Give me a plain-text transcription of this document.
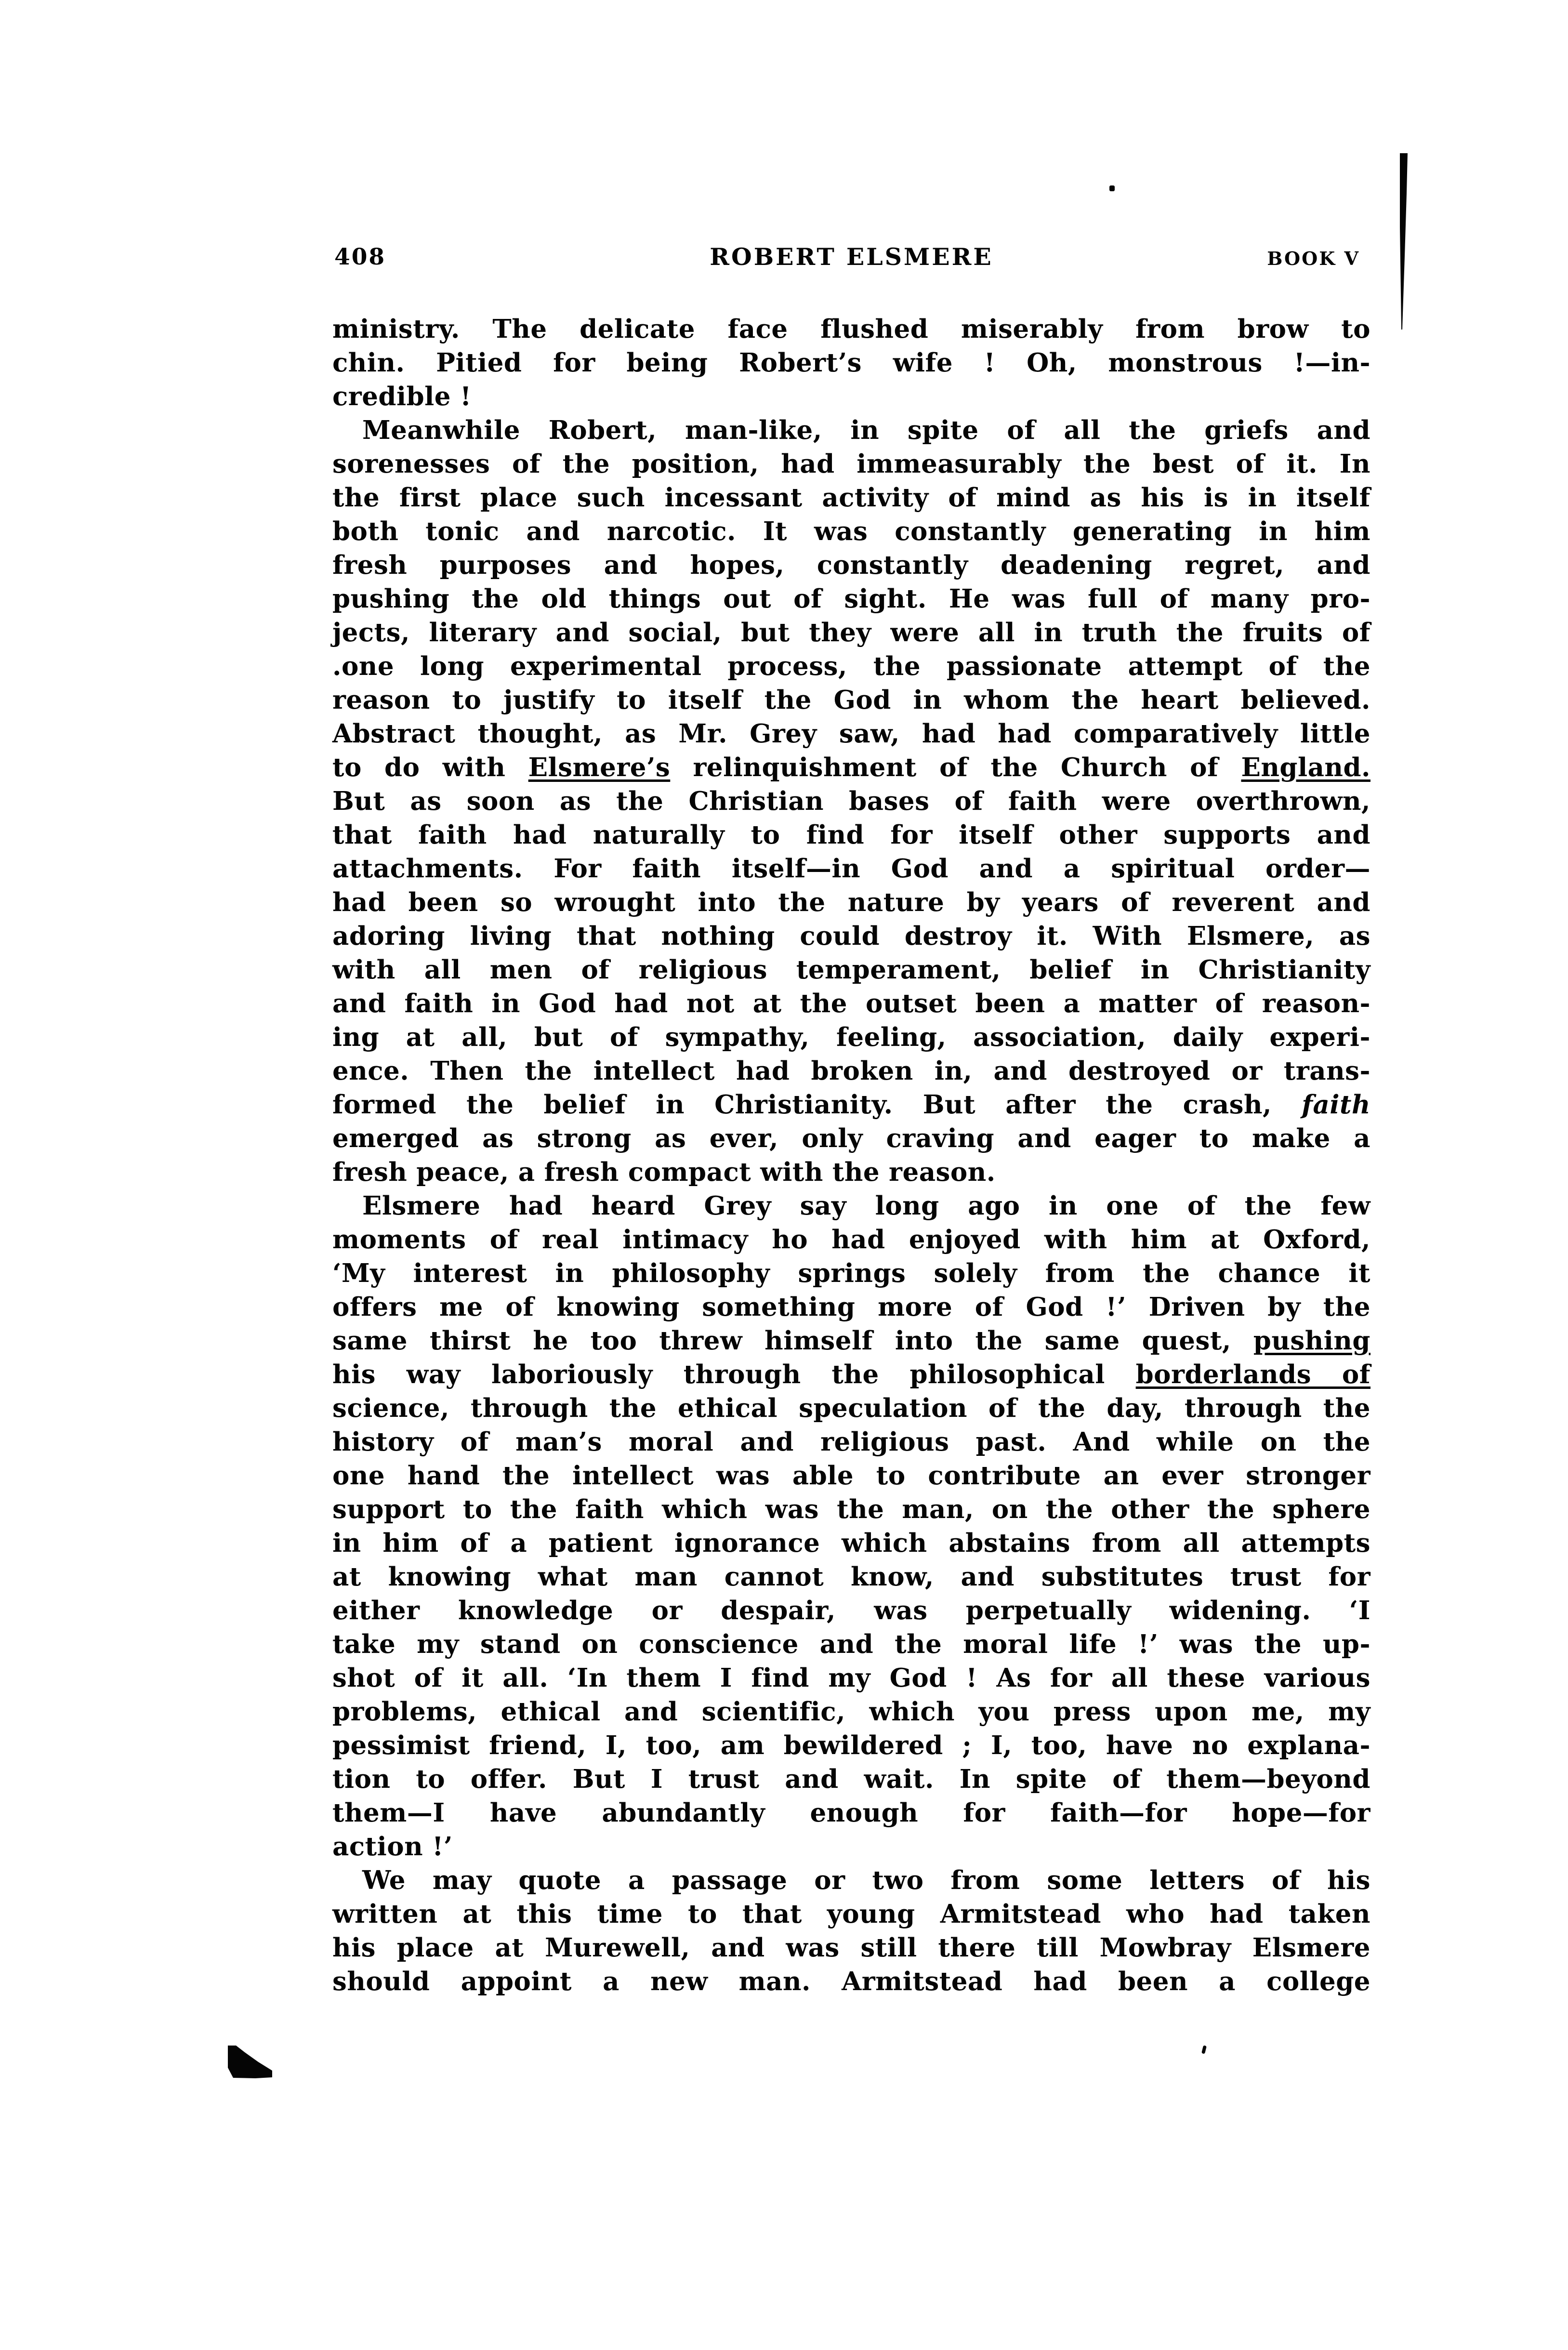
408	ROBERT ELSMERE	BOOK V
ministry. The delicate face flushed miserably from brow to
chin. Pitied for being Robert’s wife ! Oh, monstrous !—in-
credible !
Meanwhile Robert, man-like, in spite of all the griefs and
sorenesses of the position, had immeasurably the best of it. In
the first place such incessant activity of mind as his is in itself
both tonic and narcotic. It was constantly generating in him
fresh purposes and hopes, constantly deadening regret, and
pushing the old things out of sight. He was full of many pro-
jects, literary and social, but they were all in truth the fruits of
.one long experimental process, the passionate attempt of the
reason to justify to itself the God in whom the heart believed.
Abstract thought, as Mr. Grey saw, had had comparatively little
to do with Elsmere’s relinquishment of the Church of England.
But as soon as the Christian bases of faith were overthrown,
that faith had naturally to find for itself other supports and
attachments. For faith itself—in God and a spiritual order—
had been so wrought into the nature by years of reverent and
adoring living that nothing could destroy it. With Elsmere, as
with all men of religious temperament, belief in Christianity
and faith in God had not at the outset been a matter of reason-
ing at all, but of sympathy, feeling, association, daily experi-
ence. Then the intellect had broken in, and destroyed or trans-
formed the belief in Christianity. But after the crash, faith
emerged as strong as ever, only craving and eager to make a
fresh peace, a fresh compact with the reason.
Elsmere had heard Grey say long ago in one of the few
moments of real intimacy ho had enjoyed with him at Oxford,
‘My interest in philosophy springs solely from the chance it
offers me of knowing something more of God !’ Driven by the
same thirst he too threw himself into the same quest, pushing
his way laboriously through the philosophical borderlands of
science, through the ethical speculation of the day, through the
history of man’s moral and religious past. And while on the
one hand the intellect was able to contribute an ever stronger
support to the faith which was the man, on the other the sphere
in him of a patient ignorance which abstains from all attempts
at knowing what man cannot know, and substitutes trust for
either knowledge or despair, was perpetually widening. ‘I
take my stand on conscience and the moral life !’ was the up-
shot of it all. ‘In them I find my God ! As for all these various
problems, ethical and scientific, which you press upon me, my
pessimist friend, I, too, am bewildered ; I, too, have no explana-
tion to offer. But I trust and wait. In spite of them—beyond
them—I have abundantly enough for faith—for hope—for
action !’
We may quote a passage or two from some letters of his
written at this time to that young Armitstead who had taken
his place at Murewell, and was still there till Mowbray Elsmere
should appoint a new man. Armitstead had been a college
